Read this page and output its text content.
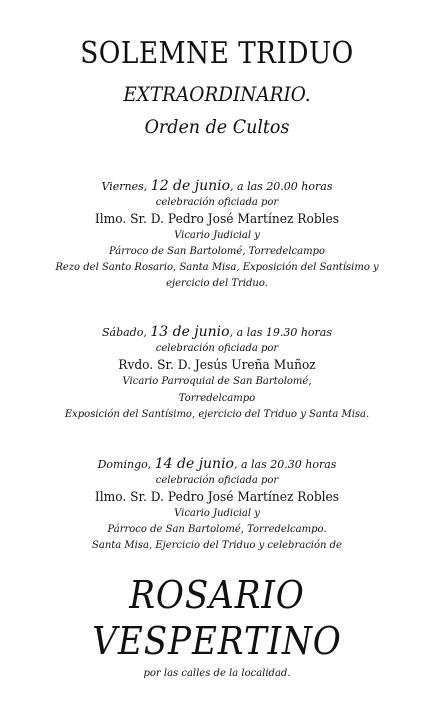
SOLEMNE TRIDUO
EXTRAORDINARIO.
Orden de Cultos
Viernes, 12 de junio, a las 20.00 horas
celebración oficiada por
Ilmo. Sr. D. Pedro José Martínez Robles
Vicario Judicial y
Párroco de San Bartolomé, Torredelcampo
Rezo del Santo Rosario, Santa Misa, Exposición del Santísimo y
ejercicio del Triduo.
Sábado, 13 de junio, a las 19.30 horas
celebración oficiada por
Rvdo. Sr. D. Jesús Ureña Muñoz
Vicario Parroquial de San Bartolomé,
Torredelcampo
Exposición del Santísimo, ejercicio del Triduo y Santa Misa.
Domingo, 14 de junio, a las 20.30 horas
celebración oficiada por
Ilmo. Sr. D. Pedro José Martínez Robles
Vicario Judicial y
Párroco de San Bartolomé, Torredelcampo.
Santa Misa, Ejercicio del Triduo y celebración de
ROSARIO
VESPERTINO
por las calles de la localidad.
